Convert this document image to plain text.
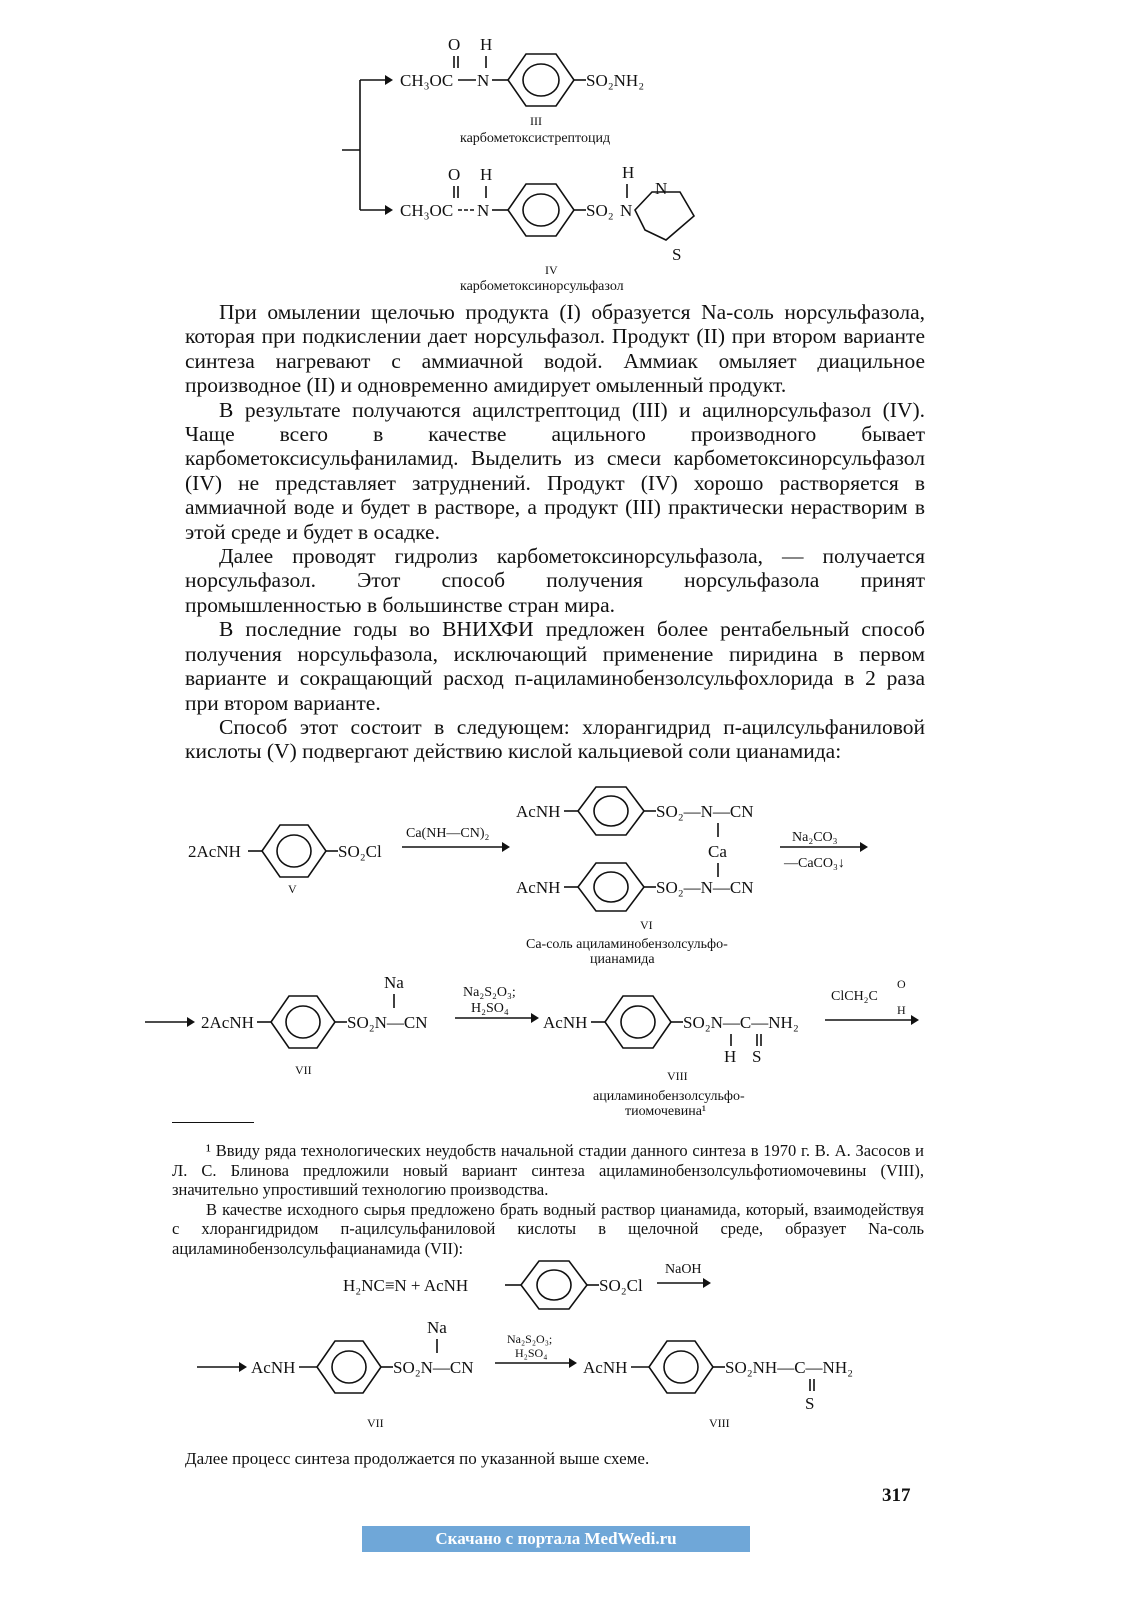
O H
CH₃OC N	SO₂NH₂
III
карбометоксистрептоцид
O H
CH₃OC N	SO₂
H
N
N
S
IV
карбометоксинорсульфазол

При омылении щелочью продукта (I) образуется Na-соль норсульфазола, которая при подкислении дает норсульфазол. Продукт (II) при втором варианте синтеза нагревают с аммиачной водой. Аммиак омыляет диацильное производное (II) и одновременно амидирует омыленный продукт.

В результате получаются ацилстрептоцид (III) и ацилнорсульфазол (IV). Чаще всего в качестве ацильного производного бывает карбометоксисульфаниламид. Выделить из смеси карбометоксинорсульфазол (IV) не представляет затруднений. Продукт (IV) хорошо растворяется в аммиачной воде и будет в растворе, а продукт (III) практически нерастворим в этой среде и будет в осадке.

Далее проводят гидролиз карбометоксинорсульфазола, — получается норсульфазол. Этот способ получения норсульфазола принят промышленностью в большинстве стран мира.

В последние годы во ВНИХФИ предложен более рентабельный способ получения норсульфазола, исключающий применение пиридина в первом варианте и сокращающий расход п-ациламинобензолсульфохлорида в 2 раза при втором варианте.

Способ этот состоит в следующем: хлорангидрид п-ацилсульфаниловой кислоты (V) подвергают действию кислой кальциевой соли цианамида:

2AcNH	SO₂Cl
V
Ca(NH—CN)₂
AcNH	SO₂—N—CN
Ca
AcNH	SO₂—N—CN
VI
Ca-соль ациламинобензолсульфо-
цианамида
Na₂CO₃
—CaCO₃↓
2AcNH
Na
SO₂N—CN
VII
Na₂S₂O₃;
H₂SO₄
AcNH	SO₂N—C—NH₂
H S
VIII
ациламинобензолсульфо-
тиомочевина¹
ClCH₂C
O
H

¹ Ввиду ряда технологических неудобств начальной стадии данного синтеза в 1970 г. В. А. Засосов и Л. С. Блинова предложили новый вариант синтеза ациламинобензолсульфотиомочевины (VIII), значительно упростивший технологию производства.

В качестве исходного сырья предложено брать водный раствор цианамида, который, взаимодействуя с хлорангидридом п-ацилсульфаниловой кислоты в щелочной среде, образует Na-соль ациламинобензолсульфацианамида (VII):

H₂NC≡N + AcNH	SO₂Cl
NaOH
AcNH
Na
SO₂N—CN
VII
Na₂S₂O₃;
H₂SO₄
AcNH	SO₂NH—C—NH₂
S
VIII
Далее процесс синтеза продолжается по указанной выше схеме.
317
Скачано с портала MedWedi.ru
